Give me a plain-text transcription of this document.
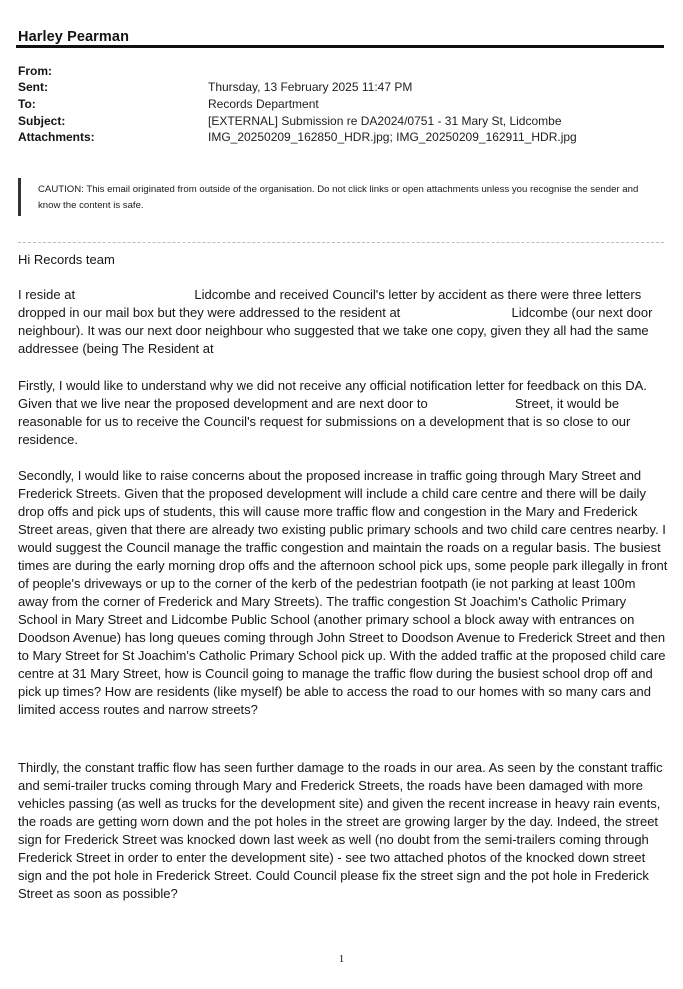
Harley Pearman
From:
Sent:	Thursday, 13 February 2025 11:47 PM
To:	Records Department
Subject:	[EXTERNAL] Submission re DA2024/0751 - 31 Mary St, Lidcombe
Attachments:	IMG_20250209_162850_HDR.jpg; IMG_20250209_162911_HDR.jpg
CAUTION: This email originated from outside of the organisation. Do not click links or open attachments unless you recognise the sender and know the content is safe.
Hi Records team
I reside at	Lidcombe and received Council's letter by accident as there were three letters dropped in our mail box but they were addressed to the resident at	Lidcombe (our next door neighbour). It was our next door neighbour who suggested that we take one copy, given they all had the same addressee (being The Resident at
Firstly, I would like to understand why we did not receive any official notification letter for feedback on this DA. Given that we live near the proposed development and are next door to	Street, it would be reasonable for us to receive the Council's request for submissions on a development that is so close to our residence.
Secondly, I would like to raise concerns about the proposed increase in traffic going through Mary Street and Frederick Streets. Given that the proposed development will include a child care centre and there will be daily drop offs and pick ups of students, this will cause more traffic flow and congestion in the Mary and Frederick Street areas, given that there are already two existing public primary schools and two child care centres nearby. I would suggest the Council manage the traffic congestion and maintain the roads on a regular basis. The busiest times are during the early morning drop offs and the afternoon school pick ups, some people park illegally in front of people's driveways or up to the corner of the kerb of the pedestrian footpath (ie not parking at least 100m away from the corner of Frederick and Mary Streets). The traffic congestion St Joachim's Catholic Primary School in Mary Street and Lidcombe Public School (another primary school a block away with entrances on Doodson Avenue) has long queues coming through John Street to Doodson Avenue to Frederick Street and then to Mary Street for St Joachim's Catholic Primary School pick up. With the added traffic at the proposed child care centre at 31 Mary Street, how is Council going to manage the traffic flow during the busiest school drop off and pick up times? How are residents (like myself) be able to access the road to our homes with so many cars and limited access routes and narrow streets?
Thirdly, the constant traffic flow has seen further damage to the roads in our area. As seen by the constant traffic and semi-trailer trucks coming through Mary and Frederick Streets, the roads have been damaged with more vehicles passing (as well as trucks for the development site) and given the recent increase in heavy rain events, the roads are getting worn down and the pot holes in the street are growing larger by the day. Indeed, the street sign for Frederick Street was knocked down last week as well (no doubt from the semi-trailers coming through Frederick Street in order to enter the development site) - see two attached photos of the knocked down street sign and the pot hole in Frederick Street. Could Council please fix the street sign and the pot hole in Frederick Street as soon as possible?
1
